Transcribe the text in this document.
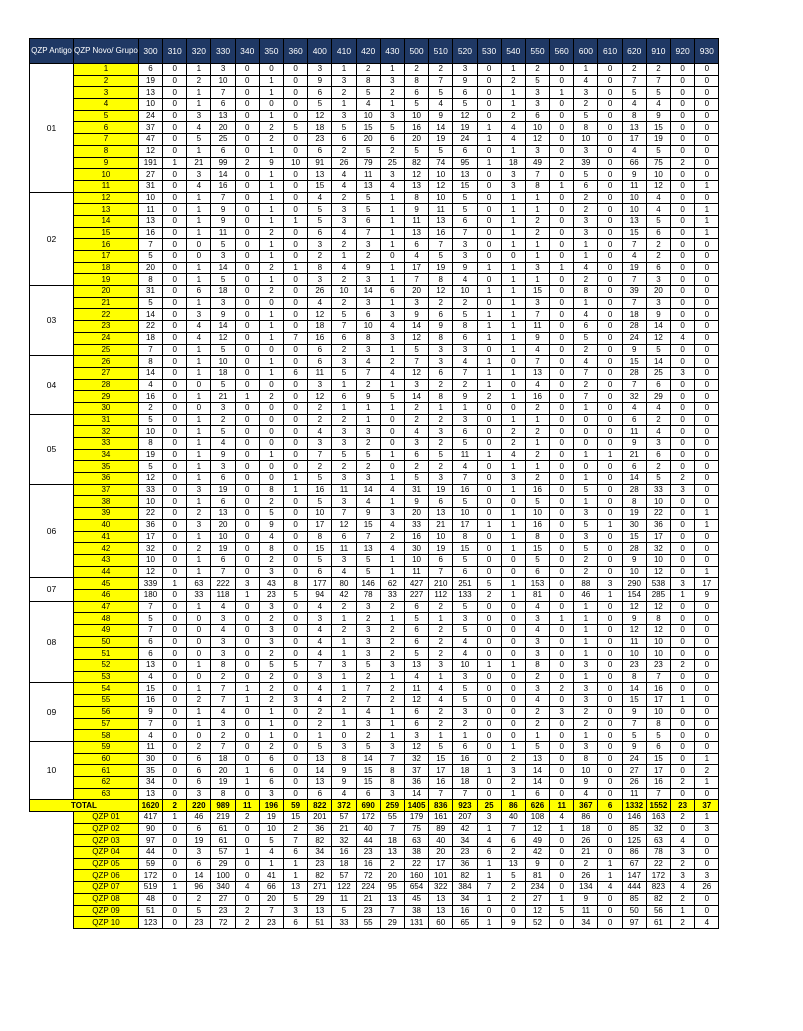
QZP Antigo	QZP Novo/ Grupo	300	310	320	330	340	350	360	400	410	420	430	500	510	520	530	540	550	560	600	610	620	910	920	930
01	1	6	0	1	3	0	0	0	3	1	2	1	2	2	3	0	1	2	0	1	0	2	2	0	0
	2	19	0	2	10	0	1	0	9	3	8	3	8	7	9	0	2	5	0	4	0	7	7	0	0
	3	13	0	1	7	0	1	0	6	2	5	2	6	5	6	0	1	3	1	3	0	5	5	0	0
	4	10	0	1	6	0	0	0	5	1	4	1	5	4	5	0	1	3	0	2	0	4	4	0	0
	5	24	0	3	13	0	1	0	12	3	10	3	10	9	12	0	2	6	0	5	0	8	9	0	0
	6	37	0	4	20	0	2	5	18	5	15	5	16	14	19	1	4	10	0	8	0	13	15	0	0
	7	47	0	5	25	0	2	0	23	6	20	6	20	19	24	1	4	12	0	10	0	17	19	0	0
	8	12	0	1	6	0	1	0	6	2	5	2	5	5	6	0	1	3	0	3	0	4	5	0	0
	9	191	1	21	99	2	9	10	91	26	79	25	82	74	95	1	18	49	2	39	0	66	75	2	0
	10	27	0	3	14	0	1	0	13	4	11	3	12	10	13	0	3	7	0	5	0	9	10	0	0
	11	31	0	4	16	0	1	0	15	4	13	4	13	12	15	0	3	8	1	6	0	11	12	0	1
02	12	10	0	1	7	0	1	0	4	2	5	1	8	10	5	0	1	1	0	2	0	10	4	0	0
	13	11	0	1	9	0	1	0	5	3	5	1	9	11	5	0	1	1	0	2	0	10	4	0	1
	14	13	0	1	9	0	1	1	5	3	6	1	11	13	6	0	1	2	0	3	0	13	5	0	1
	15	16	0	1	11	0	2	0	6	4	7	1	13	16	7	0	1	2	0	3	0	15	6	0	1
	16	7	0	0	5	0	1	0	3	2	3	1	6	7	3	0	1	1	0	1	0	7	2	0	0
	17	5	0	0	3	0	1	0	2	1	2	0	4	5	3	0	0	1	0	1	0	4	2	0	0
	18	20	0	1	14	0	2	1	8	4	9	1	17	19	9	1	1	3	1	4	0	19	6	0	0
	19	8	0	1	5	0	1	0	3	2	3	1	7	8	4	0	1	1	0	2	0	7	3	0	0
03	20	31	0	6	18	0	2	0	26	10	14	6	20	12	10	1	1	15	0	8	0	39	20	0	0
	21	5	0	1	3	0	0	0	4	2	3	1	3	2	2	0	1	3	0	1	0	7	3	0	0
	22	14	0	3	9	0	1	0	12	5	6	3	9	6	5	1	1	7	0	4	0	18	9	0	0
	23	22	0	4	14	0	1	0	18	7	10	4	14	9	8	1	1	11	0	6	0	28	14	0	0
	24	18	0	4	12	0	1	7	16	6	8	3	12	8	6	1	1	9	0	5	0	24	12	4	0
	25	7	0	1	5	0	0	0	6	2	3	1	5	3	3	0	1	4	0	2	0	9	5	0	0
04	26	8	0	1	10	0	1	0	6	3	4	2	7	3	4	1	0	7	0	4	0	15	14	0	0
	27	14	0	1	18	0	1	6	11	5	7	4	12	6	7	1	1	13	0	7	0	28	25	3	0
	28	4	0	0	5	0	0	0	3	1	2	1	3	2	2	1	0	4	0	2	0	7	6	0	0
	29	16	0	1	21	1	2	0	12	6	9	5	14	8	9	2	1	16	0	7	0	32	29	0	0
	30	2	0	0	3	0	0	0	2	1	1	1	2	1	1	0	0	2	0	1	0	4	4	0	0
05	31	5	0	1	2	0	0	0	2	2	1	0	2	2	3	0	1	1	0	0	0	6	2	0	0
	32	10	0	1	5	0	0	0	4	3	3	0	4	3	6	0	2	2	0	0	0	11	4	0	0
	33	8	0	1	4	0	0	0	3	3	2	0	3	2	5	0	2	1	0	0	0	9	3	0	0
	34	19	0	1	9	0	1	0	7	5	5	1	6	5	11	1	4	2	0	1	1	21	6	0	0
	35	5	0	1	3	0	0	0	2	2	2	0	2	2	4	0	1	1	0	0	0	6	2	0	0
	36	12	0	1	6	0	0	1	5	3	3	1	5	3	7	0	3	2	0	1	0	14	5	2	0
06	37	33	0	3	19	0	8	1	16	11	14	4	31	19	16	0	1	16	0	5	0	28	33	3	0
	38	10	0	1	6	0	2	0	5	3	4	1	9	6	5	0	0	5	0	1	0	8	10	0	0
	39	22	0	2	13	0	5	0	10	7	9	3	20	13	10	0	1	10	0	3	0	19	22	0	1
	40	36	0	3	20	0	9	0	17	12	15	4	33	21	17	1	1	16	0	5	1	30	36	0	1
	41	17	0	1	10	0	4	0	8	6	7	2	16	10	8	0	1	8	0	3	0	15	17	0	0
	42	32	0	2	19	0	8	0	15	11	13	4	30	19	15	0	1	15	0	5	0	28	32	0	0
	43	10	0	1	6	0	2	0	5	3	5	1	10	6	5	0	0	5	0	2	0	9	10	0	0
	44	12	0	1	7	0	3	0	6	4	5	1	11	7	6	0	0	6	0	2	0	10	12	0	1
07	45	339	1	63	222	3	43	8	177	80	146	62	427	210	251	5	1	153	0	88	3	290	538	3	17
	46	180	0	33	118	1	23	5	94	42	78	33	227	112	133	2	1	81	0	46	1	154	285	1	9
08	47	7	0	1	4	0	3	0	4	2	3	2	6	2	5	0	0	4	0	1	0	12	12	0	0
	48	5	0	0	3	0	2	0	3	1	2	1	5	1	3	0	0	3	1	1	0	9	8	0	0
	49	7	0	0	4	0	3	0	4	2	3	2	6	2	5	0	0	4	0	1	0	12	12	0	0
	50	6	0	0	3	0	3	0	4	1	3	2	6	2	4	0	0	3	0	1	0	11	10	0	0
	51	6	0	0	3	0	2	0	4	1	3	2	5	2	4	0	0	3	0	1	0	10	10	0	0
	52	13	0	1	8	0	5	5	7	3	5	3	13	3	10	1	1	8	0	3	0	23	23	2	0
	53	4	0	0	2	0	2	0	3	1	2	1	4	1	3	0	0	2	0	1	0	8	7	0	0
09	54	15	0	1	7	1	2	0	4	1	7	2	11	4	5	0	0	3	2	3	0	14	16	0	0
	55	16	0	2	7	1	2	3	4	2	7	2	12	4	5	0	0	4	0	3	0	15	17	1	0
	56	9	0	1	4	0	1	0	2	1	4	1	6	2	3	0	0	2	3	2	0	9	10	0	0
	57	7	0	1	3	0	1	0	2	1	3	1	6	2	2	0	0	2	0	2	0	7	8	0	0
	58	4	0	0	2	0	1	0	1	0	2	1	3	1	1	0	0	1	0	1	0	5	5	0	0
10	59	11	0	2	7	0	2	0	5	3	5	3	12	5	6	0	1	5	0	3	0	9	6	0	0
	60	30	0	6	18	0	6	0	13	8	14	7	32	15	16	0	2	13	0	8	0	24	15	0	1
	61	35	0	6	20	1	6	0	14	9	15	8	37	17	18	1	3	14	0	10	0	27	17	0	2
	62	34	0	6	19	1	6	0	13	9	15	8	36	16	18	0	2	14	0	9	0	26	16	2	1
	63	13	0	3	8	0	3	0	6	4	6	3	14	7	7	0	1	6	0	4	0	11	7	0	0
TOTAL		1620	2	220	989	11	196	59	822	372	690	259	1405	836	923	25	86	626	11	367	6	1332	1552	23	37
	QZP 01	417	1	46	219	2	19	15	201	57	172	55	179	161	207	3	40	108	4	86	0	146	163	2	1
	QZP 02	90	0	6	61	0	10	2	36	21	40	7	75	89	42	1	7	12	1	18	0	85	32	0	3
	QZP 03	97	0	19	61	0	5	7	82	32	44	18	63	40	34	4	6	49	0	26	0	125	63	4	0
	QZP 04	44	0	3	57	1	4	6	34	16	23	13	38	20	23	6	2	42	0	21	0	86	78	3	0
	QZP 05	59	0	6	29	0	1	1	23	18	16	2	22	17	36	1	13	9	0	2	1	67	22	2	0
	QZP 06	172	0	14	100	0	41	1	82	57	72	20	160	101	82	1	5	81	0	26	1	147	172	3	3
	QZP 07	519	1	96	340	4	66	13	271	122	224	95	654	322	384	7	2	234	0	134	4	444	823	4	26
	QZP 08	48	0	2	27	0	20	5	29	11	21	13	45	13	34	1	2	27	1	9	0	85	82	2	0
	QZP 09	51	0	5	23	2	7	3	13	5	23	7	38	13	16	0	0	12	5	11	0	50	56	1	0
	QZP 10	123	0	23	72	2	23	6	51	33	55	29	131	60	65	1	9	52	0	34	0	97	61	2	4
